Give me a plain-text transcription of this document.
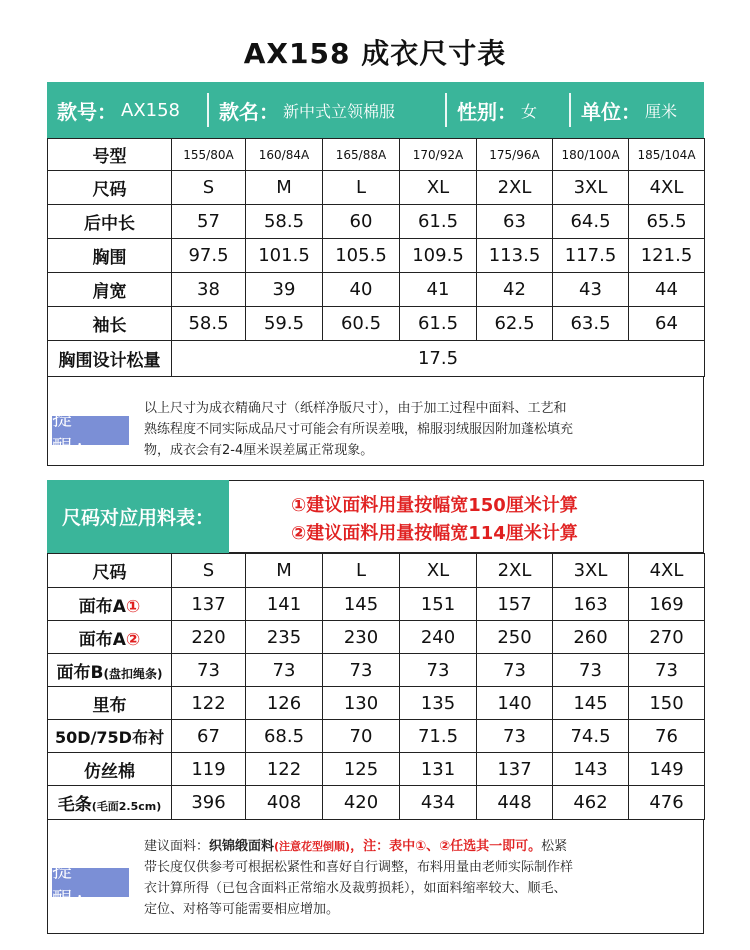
AX158 成衣尺寸表
款号： AX158 款名： 新中式立领棉服	性别： 女 单位： 厘米
号型	155/80A	160/84A	165/88A	170/92A	175/96A	180/100A	185/104A
尺码	S	M	L	XL	2XL	3XL	4XL
后中长	57	58.5	60	61.5	63	64.5	65.5
胸围	97.5	101.5	105.5	109.5	113.5	117.5	121.5
肩宽	38	39	40	41	42	43	44
袖长	58.5	59.5	60.5	61.5	62.5	63.5	64
胸围设计松量	17.5						
提 醒：
以上尺寸为成衣精确尺寸（纸样净版尺寸），由于加工过程中面料、工艺和
熟练程度不同实际成品尺寸可能会有所误差哦，棉服羽绒服因附加蓬松填充
物，成衣会有2-4厘米误差属正常现象。
尺码对应用料表：
①建议面料用量按幅宽150厘米计算
②建议面料用量按幅宽114厘米计算
尺码	S	M	L	XL	2XL	3XL	4XL
面布A①	137	141	145	151	157	163	169
面布A②	220	235	230	240	250	260	270
面布B(盘扣绳条)	73	73	73	73	73	73	73
里布	122	126	130	135	140	145	150
50D/75D布衬	67	68.5	70	71.5	73	74.5	76
仿丝棉	119	122	125	131	137	143	149
毛条(毛面2.5cm)	396	408	420	434	448	462	476
提 醒：
建议面料：织锦缎面料(注意花型倒顺)，注：表中①、②任选其一即可。松紧
带长度仅供参考可根据松紧性和喜好自行调整，布料用量由老师实际制作样
衣计算所得（已包含面料正常缩水及裁剪损耗），如面料缩率较大、顺毛、
定位、对格等可能需要相应增加。
